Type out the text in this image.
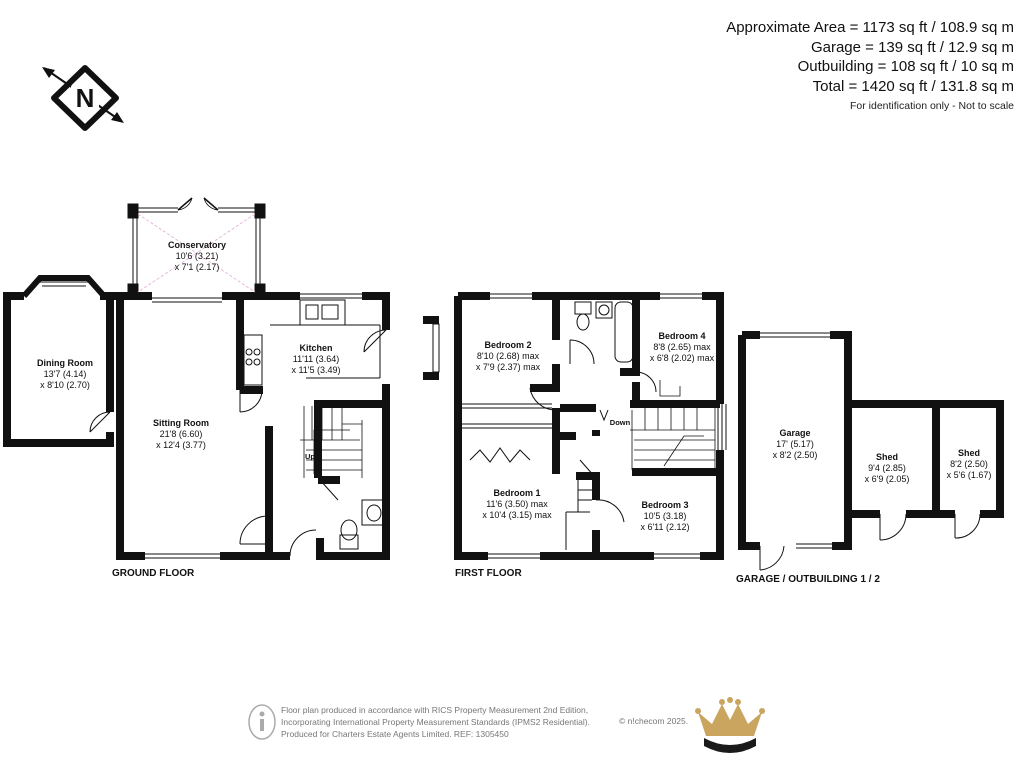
Approximate Area = 1173 sq ft / 108.9 sq m
Garage = 139 sq ft / 12.9 sq m
Outbuilding = 108 sq ft / 10 sq m
Total = 1420 sq ft / 131.8 sq m
For identification only - Not to scale
N
Conservatory
10'6 (3.21)
x 7'1 (2.17)
Dining Room
13'7 (4.14)
x 8'10 (2.70)
Sitting Room
21'8 (6.60)
x 12'4 (3.77)
Kitchen
11'11 (3.64)
x 11'5 (3.49)
Up
GROUND FLOOR
Bedroom 2
8'10 (2.68) max
x 7'9 (2.37) max
Bedroom 4
8'8 (2.65) max
x 6'8 (2.02) max
Bedroom 1
11'6 (3.50) max
x 10'4 (3.15) max
Bedroom 3
10'5 (3.18)
x 6'11 (2.12)
Down
FIRST FLOOR
Garage
17' (5.17)
x 8'2 (2.50)	Shed
9'4 (2.85)
x 6'9 (2.05)
Shed
8'2 (2.50)
x 5'6 (1.67)
GARAGE / OUTBUILDING 1 / 2
Floor plan produced in accordance with RICS Property Measurement 2nd Edition,
Incorporating International Property Measurement Standards (IPMS2 Residential).
Produced for Charters Estate Agents Limited. REF: 1305450
© n!checom 2025.
